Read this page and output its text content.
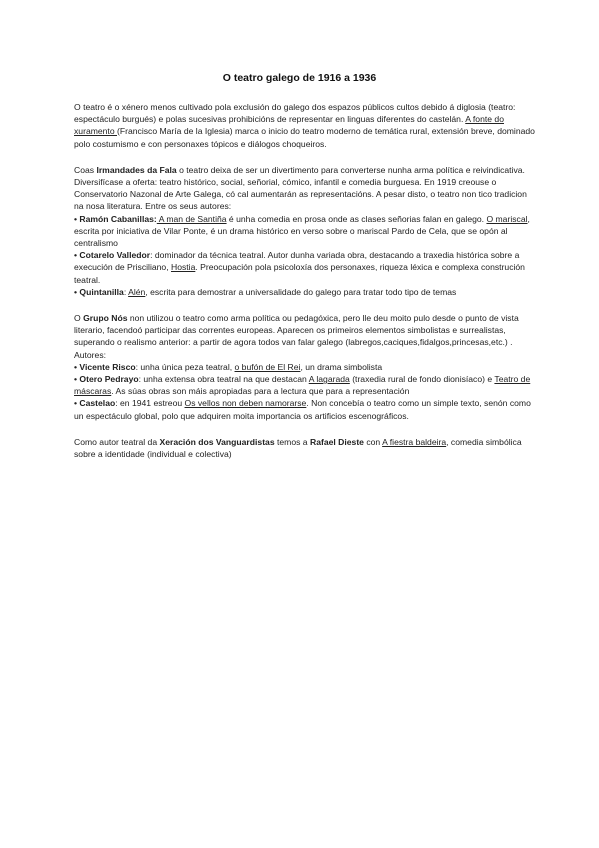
O teatro galego de 1916 a 1936

O teatro é o xénero menos cultivado pola exclusión do galego dos espazos públicos cultos debido á diglosia (teatro: espectáculo burgués) e polas sucesivas prohibicións de representar en linguas diferentes do castelán. A fonte do xuramento (Francisco María de la Iglesia) marca o inicio do teatro moderno de temática rural, extensión breve, dominado polo costumismo e con personaxes tópicos e diálogos choqueiros.

Coas Irmandades da Fala o teatro deixa de ser un divertimento para converterse nunha arma política e reivindicativa. Diversifícase a oferta: teatro histórico, social, señorial, cómico, infantil e comedia burguesa. En 1919 creouse o Conservatorio Nazonal de Arte Galega, có cal aumentarán as representacións. A pesar disto, o teatro non tico tradicion na nosa literatura. Entre os seus autores:
• Ramón Cabanillas: A man de Santiña é unha comedia en prosa onde as clases señorias falan en galego. O mariscal, escrita por iniciativa de Vilar Ponte, é un drama histórico en verso sobre o mariscal Pardo de Cela, que se opón al centralismo
• Cotarelo Valledor: dominador da técnica teatral. Autor dunha variada obra, destacando a traxedia histórica sobre a execución de Prisciliano, Hostia. Preocupación pola psicoloxía dos personaxes, riqueza léxica e complexa construción teatral.
• Quintanilla: Alén, escrita para demostrar a universalidade do galego para tratar todo tipo de temas

O Grupo Nós non utilizou o teatro como arma política ou pedagóxica, pero lle deu moito pulo desde o punto de vista literario, facendoó participar das correntes europeas. Aparecen os primeiros elementos simbolistas e surrealistas, superando o realismo anterior: a partir de agora todos van falar galego (labregos,caciques,fidalgos,princesas,etc.) . Autores:
• Vicente Risco: unha única peza teatral, o bufón de El Rei, un drama simbolista
• Otero Pedrayo: unha extensa obra teatral na que destacan A lagarada (traxedia rural de fondo dionisíaco) e Teatro de máscaras. As súas obras son máis apropiadas para a lectura que para a representación
• Castelao: en 1941 estreou Os vellos non deben namorarse. Non concebía o teatro como un simple texto, senón como un espectáculo global, polo que adquiren moita importancia os artificios escenográficos.

Como autor teatral da Xeración dos Vanguardistas temos a Rafael Dieste con A fiestra baldeira, comedia simbólica sobre a identidade (individual e colectiva)
